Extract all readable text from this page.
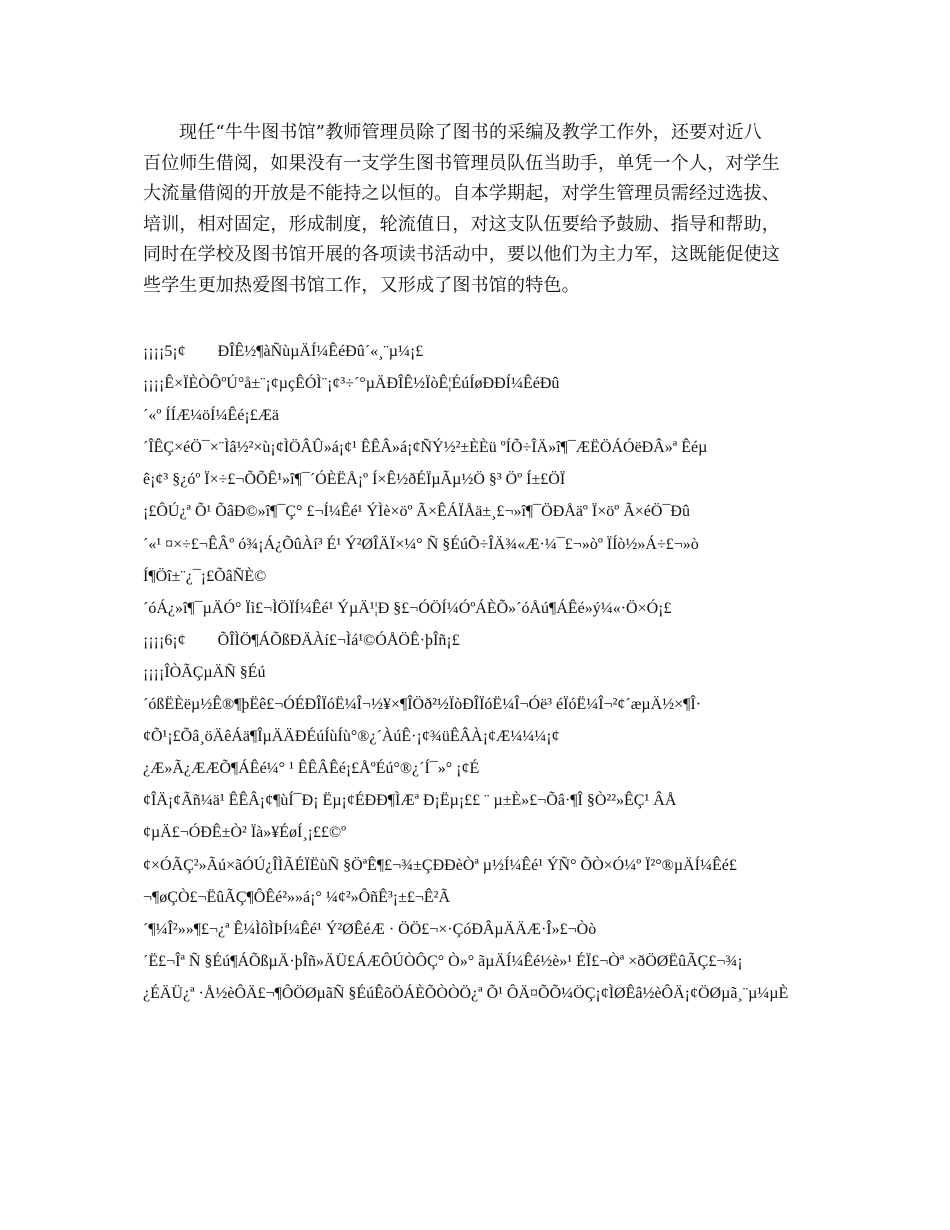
现任“牛牛图书馆”教师管理员除了图书的采编及教学工作外，还要对近八
百位师生借阅，如果没有一支学生图书管理员队伍当助手，单凭一个人，对学生
大流量借阅的开放是不能持之以恒的。自本学期起，对学生管理员需经过选拔、
培训，相对固定，形成制度，轮流值日，对这支队伍要给予鼓励、指导和帮助，
同时在学校及图书馆开展的各项读书活动中，要以他们为主力军，这既能促使这
些学生更加热爱图书馆工作，又形成了图书馆的特色。

¡¡¡¡5¡¢　　ÐÎÊ½¶àÑùµÄÍ¼ÊéÐû´«¸¨µ¼¡£
¡¡¡¡Ê×ÏÈÒÔºÚ°å±¨¡¢µçÊÓÌ¨¡¢³÷´°µÄÐÎÊ½ÏòÊ¦ÉúÍøÐÐÍ¼ÊéÐû
´«º ÍÍÆ¼öÍ¼Êé¡£Æä
´ÎÊÇ×éÖ¯×¨Ìâ½²×ù¡¢ÌÖÂÛ»á¡¢¹ ÊÊÂ»á¡¢ÑÝ½²±ÈÈü ºÍÕ÷ÎÄ»î¶¯ÆËÖÁÓëÐÂ»ª Êéµ
ê¡¢³ §¿óº Ï×÷£¬ÕÕÊ¹»î¶¯´ÓÈËÅ¡º Í×Ê½ðÉÏµÃµ½Ö §³ Öº Í±£ÖÏ
¡£ÔÚ¿ª Õ¹ ÕâÐ©»î¶¯Ç° £¬Í¼Êé¹ ÝÌè×öº Ã×ÊÁÏÅä±¸£¬»î¶¯ÖÐÅäº Ï×öº Ã×éÖ¯Ðû
´«¹ ¤×÷£¬ÊÂº ó¾¡Á¿ÕûÀí³ É¹ Ý²ØÎÄÏ×¼° Ñ §ÉúÕ÷ÎÄ¾«Æ·¼¯£¬»òº ÏÍò½»Á÷£¬»ò
Í¶Öî±¨¿¯¡£ÕâÑÈ©
´óÁ¿»î¶¯µÄÓ° Ïì£¬ÌÖÏÍ¼Êé¹ ÝµÄ¹¦Ð §£¬ÓÖÍ¼ÓºÁÈÕ»´óÅú¶ÁÊé»ý¼«·Ö×Ó¡£
¡¡¡¡6¡¢　　ÕÎÌÖ¶ÁÕßÐÄÀí£¬Ìá¹©ÓÅÖÊ·þÎñ¡£
¡¡¡¡ÎÒÃÇµÄÑ §Éú
´óßËÈëµ½Ê®¶þËê£¬ÓÉÐÎÏóË¼Î¬½¥×¶ÎÖð²½ÏòÐÎÏóË¼Î¬Óë³ éÏóË¼Î¬²¢´æµÄ½×¶Î·
¢Õ¹¡£Õâ¸öÄêÁä¶ÎµÄÄÐÉúÍùÍù°®¿´ÀúÊ·¡¢¾üÊÂÀ¡¢Æ¼¼¼¡¢
¿Æ»Ã¿ÆÆÕ¶ÁÊé¼° ¹ ÊÊÂÊé¡£ÅºÉú°®¿´Í¯»° ¡¢É
¢ÎÄ¡¢Ãñ¼ä¹ ÊÊÂ¡¢¶ùÍ¯Ð¡ Ëµ¡¢ÉÐÐ¶ÌÆª Ð¡Ëµ¡££ ¨ µ±È»£¬Õâ·¶Î §Ò²²»ÊÇ¹ ÂÅ
¢µÄ£¬ÓÐÊ±Ò² Ïà»¥ÉøÍ¸¡££©º
¢×ÓÃÇ²»Ãú×ãÓÚ¿ÎÌÃÉÏËùÑ §ÖªÊ¶£¬¾±ÇÐÐèÒª µ½Í¼Êé¹ ÝÑ° ÕÒ×Ó¼º Ï²°®µÄÍ¼Êé£
¬¶øÇÒ£¬ËûÃÇ¶ÔÊé²»»á¡° ¼¢²»ÔñÊ³¡±£¬Ê²Ã
´¶¼Î²»»¶£¬¿ª Ê¼ÌôÌÞÍ¼Êé¹ Ý²ØÊéÆ · ÖÖ£¬×·ÇóÐÂµÄÄÆ·Î»£¬Òò
´Ë£¬Îª Ñ §Éú¶ÁÕßµÄ·þÎñ»ÄÜ£ÁÆÔÚÒÔÇ° Ò»° ãµÄÍ¼Êé½è»¹ ÉÏ£¬Òª ×ðÖØËûÃÇ£¬¾¡
¿ÉÄÜ¿ª ·Å½èÔÄ£¬¶ÔÖØµãÑ §ÉúÊõÖÁÈÕÒÒÖ¿ª Õ¹ ÔÄ¤ÕÕ¼ÖÇ¡¢ÌØÊâ½èÔÄ¡¢ÖØµã¸¨µ¼µÈ
